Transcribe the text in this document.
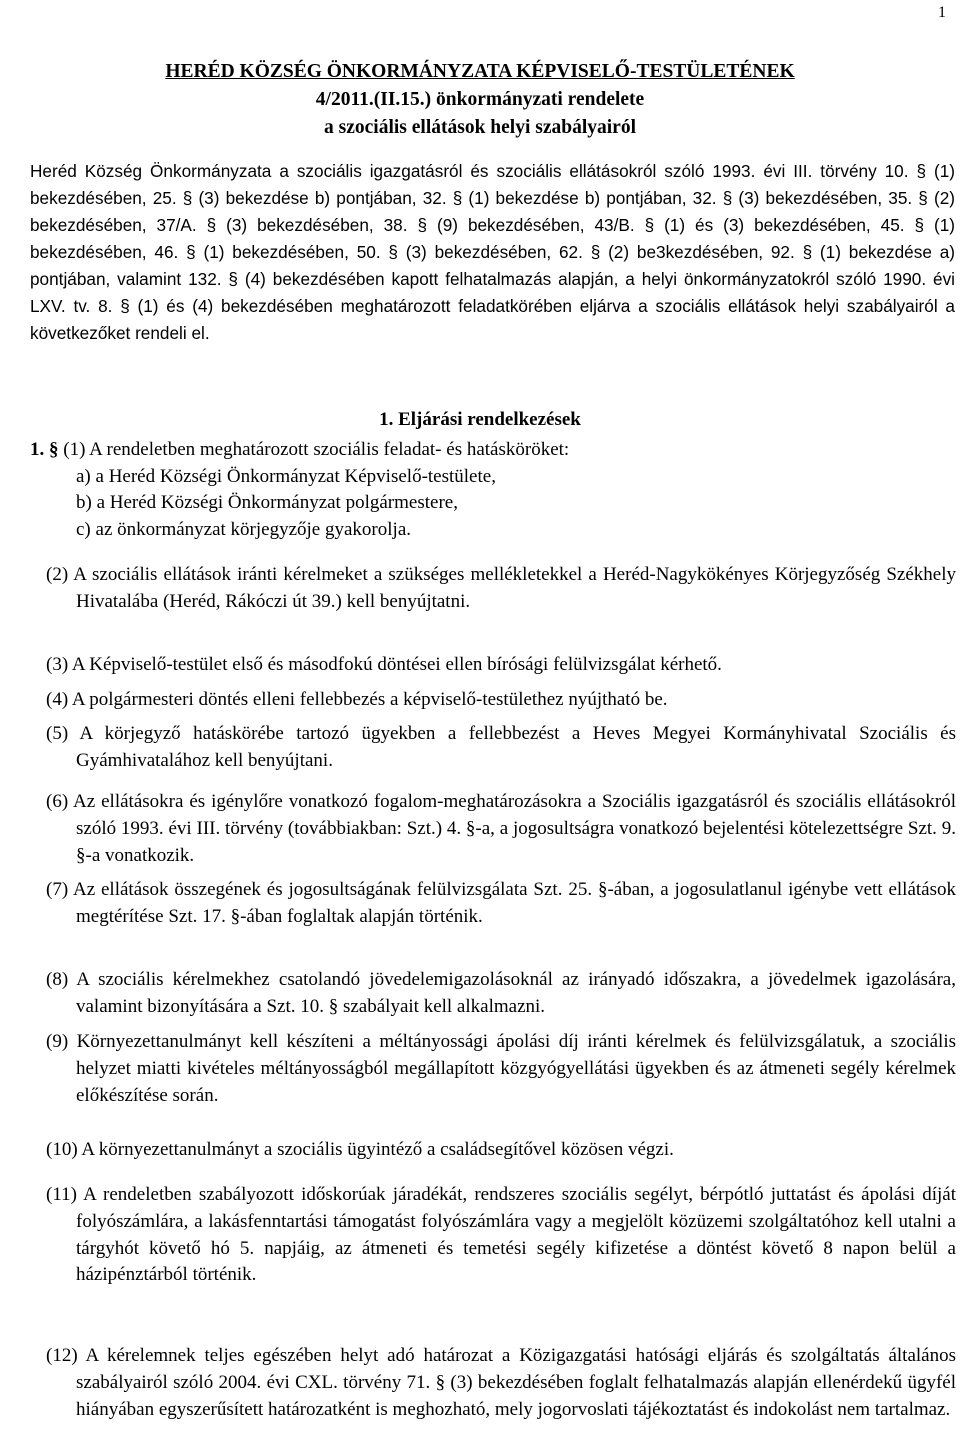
1
HERÉD KÖZSÉG ÖNKORMÁNYZATA KÉPVISELŐ-TESTÜLETÉNEK
4/2011.(II.15.) önkormányzati rendelete
a szociális ellátások helyi szabályairól
Heréd Község Önkormányzata a szociális igazgatásról és szociális ellátásokról szóló 1993. évi III. törvény 10. § (1) bekezdésében, 25. § (3) bekezdése b) pontjában, 32. § (1) bekezdése b) pontjában, 32. § (3) bekezdésében, 35. § (2) bekezdésében, 37/A. § (3) bekezdésében, 38. § (9) bekezdésében, 43/B. § (1) és (3) bekezdésében, 45. § (1) bekezdésében, 46. § (1) bekezdésében, 50. § (3) bekezdésében, 62. § (2) be3kezdésében, 92. § (1) bekezdése a) pontjában, valamint 132. § (4) bekezdésében kapott felhatalmazás alapján, a helyi önkormányzatokról szóló 1990. évi LXV. tv. 8. § (1) és (4) bekezdésében meghatározott feladatkörében eljárva a szociális ellátások helyi szabályairól a következőket rendeli el.
1. Eljárási rendelkezések
1. § (1) A rendeletben meghatározott szociális feladat- és hatásköröket:
a) a Heréd Községi Önkormányzat Képviselő-testülete,
b) a Heréd Községi Önkormányzat polgármestere,
c) az önkormányzat körjegyzője gyakorolja.
(2) A szociális ellátások iránti kérelmeket a szükséges mellékletekkel a Heréd-Nagykökényes Körjegyzőség Székhely Hivatalába (Heréd, Rákóczi út 39.) kell benyújtatni.
(3) A Képviselő-testület első és másodfokú döntései ellen bírósági felülvizsgálat kérhető.
(4) A polgármesteri döntés elleni fellebbezés a képviselő-testülethez nyújtható be.
(5) A körjegyző hatáskörébe tartozó ügyekben a fellebbezést a Heves Megyei Kormányhivatal Szociális és Gyámhivatalához kell benyújtani.
(6) Az ellátásokra és igénylőre vonatkozó fogalom-meghatározásokra a Szociális igazgatásról és szociális ellátásokról szóló 1993. évi III. törvény (továbbiakban: Szt.) 4. §-a, a jogosultságra vonatkozó bejelentési kötelezettségre Szt. 9. §-a vonatkozik.
(7) Az ellátások összegének és jogosultságának felülvizsgálata Szt. 25. §-ában, a jogosulatlanul igénybe vett ellátások megtérítése Szt. 17. §-ában foglaltak alapján történik.
(8) A szociális kérelmekhez csatolandó jövedelemigazolásoknál az irányadó időszakra, a jövedelmek igazolására, valamint bizonyítására a Szt. 10. § szabályait kell alkalmazni.
(9) Környezettanulmányt kell készíteni a méltányossági ápolási díj iránti kérelmek és felülvizsgálatuk, a szociális helyzet miatti kivételes méltányosságból megállapított közgyógyellátási ügyekben és az átmeneti segély kérelmek előkészítése során.
(10) A környezettanulmányt a szociális ügyintéző a családsegítővel közösen végzi.
(11) A rendeletben szabályozott időskorúak járadékát, rendszeres szociális segélyt, bérpótló juttatást és ápolási díját folyószámlára, a lakásfenntartási támogatást folyószámlára vagy a megjelölt közüzemi szolgáltatóhoz kell utalni a tárgyhót követő hó 5. napjáig, az átmeneti és temetési segély kifizetése a döntést követő 8 napon belül a házipénztárból történik.
(12) A kérelemnek teljes egészében helyt adó határozat a Közigazgatási hatósági eljárás és szolgáltatás általános szabályairól szóló 2004. évi CXL. törvény 71. § (3) bekezdésében foglalt felhatalmazás alapján ellenérdekű ügyfél hiányában egyszerűsített határozatként is meghozható, mely jogorvoslati tájékoztatást és indokolást nem tartalmaz.
